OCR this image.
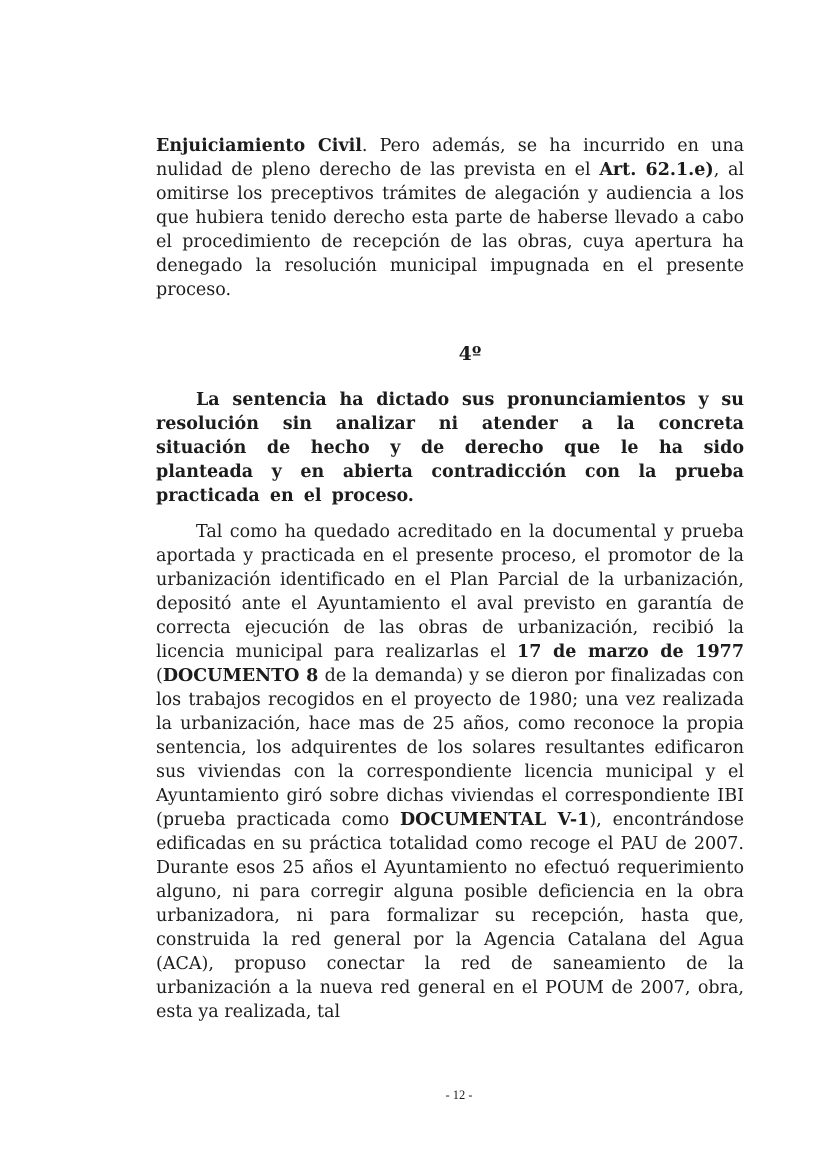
Enjuiciamiento Civil. Pero además, se ha incurrido en una nulidad de pleno derecho de las prevista en el Art. 62.1.e), al omitirse los preceptivos trámites de alegación y audiencia a los que hubiera tenido derecho esta parte de haberse llevado a cabo el procedimiento de recepción de las obras, cuya apertura ha denegado la resolución municipal impugnada en el presente proceso.

4º

La sentencia ha dictado sus pronunciamientos y su resolución sin analizar ni atender a la concreta situación de hecho y de derecho que le ha sido planteada y en abierta contradicción con la prueba practicada en el proceso.

Tal como ha quedado acreditado en la documental y prueba aportada y practicada en el presente proceso, el promotor de la urbanización identificado en el Plan Parcial de la urbanización, depositó ante el Ayuntamiento el aval previsto en garantía de correcta ejecución de las obras de urbanización, recibió la licencia municipal para realizarlas el 17 de marzo de 1977 (DOCUMENTO 8 de la demanda) y se dieron por finalizadas con los trabajos recogidos en el proyecto de 1980; una vez realizada la urbanización, hace mas de 25 años, como reconoce la propia sentencia, los adquirentes de los solares resultantes edificaron sus viviendas con la correspondiente licencia municipal y el Ayuntamiento giró sobre dichas viviendas el correspondiente IBI (prueba practicada como DOCUMENTAL V-1), encontrándose edificadas en su práctica totalidad como recoge el PAU de 2007. Durante esos 25 años el Ayuntamiento no efectuó requerimiento alguno, ni para corregir alguna posible deficiencia en la obra urbanizadora, ni para formalizar su recepción, hasta que, construida la red general por la Agencia Catalana del Agua (ACA), propuso conectar la red de saneamiento de la urbanización a la nueva red general en el POUM de 2007, obra, esta ya realizada, tal

- 12 -
